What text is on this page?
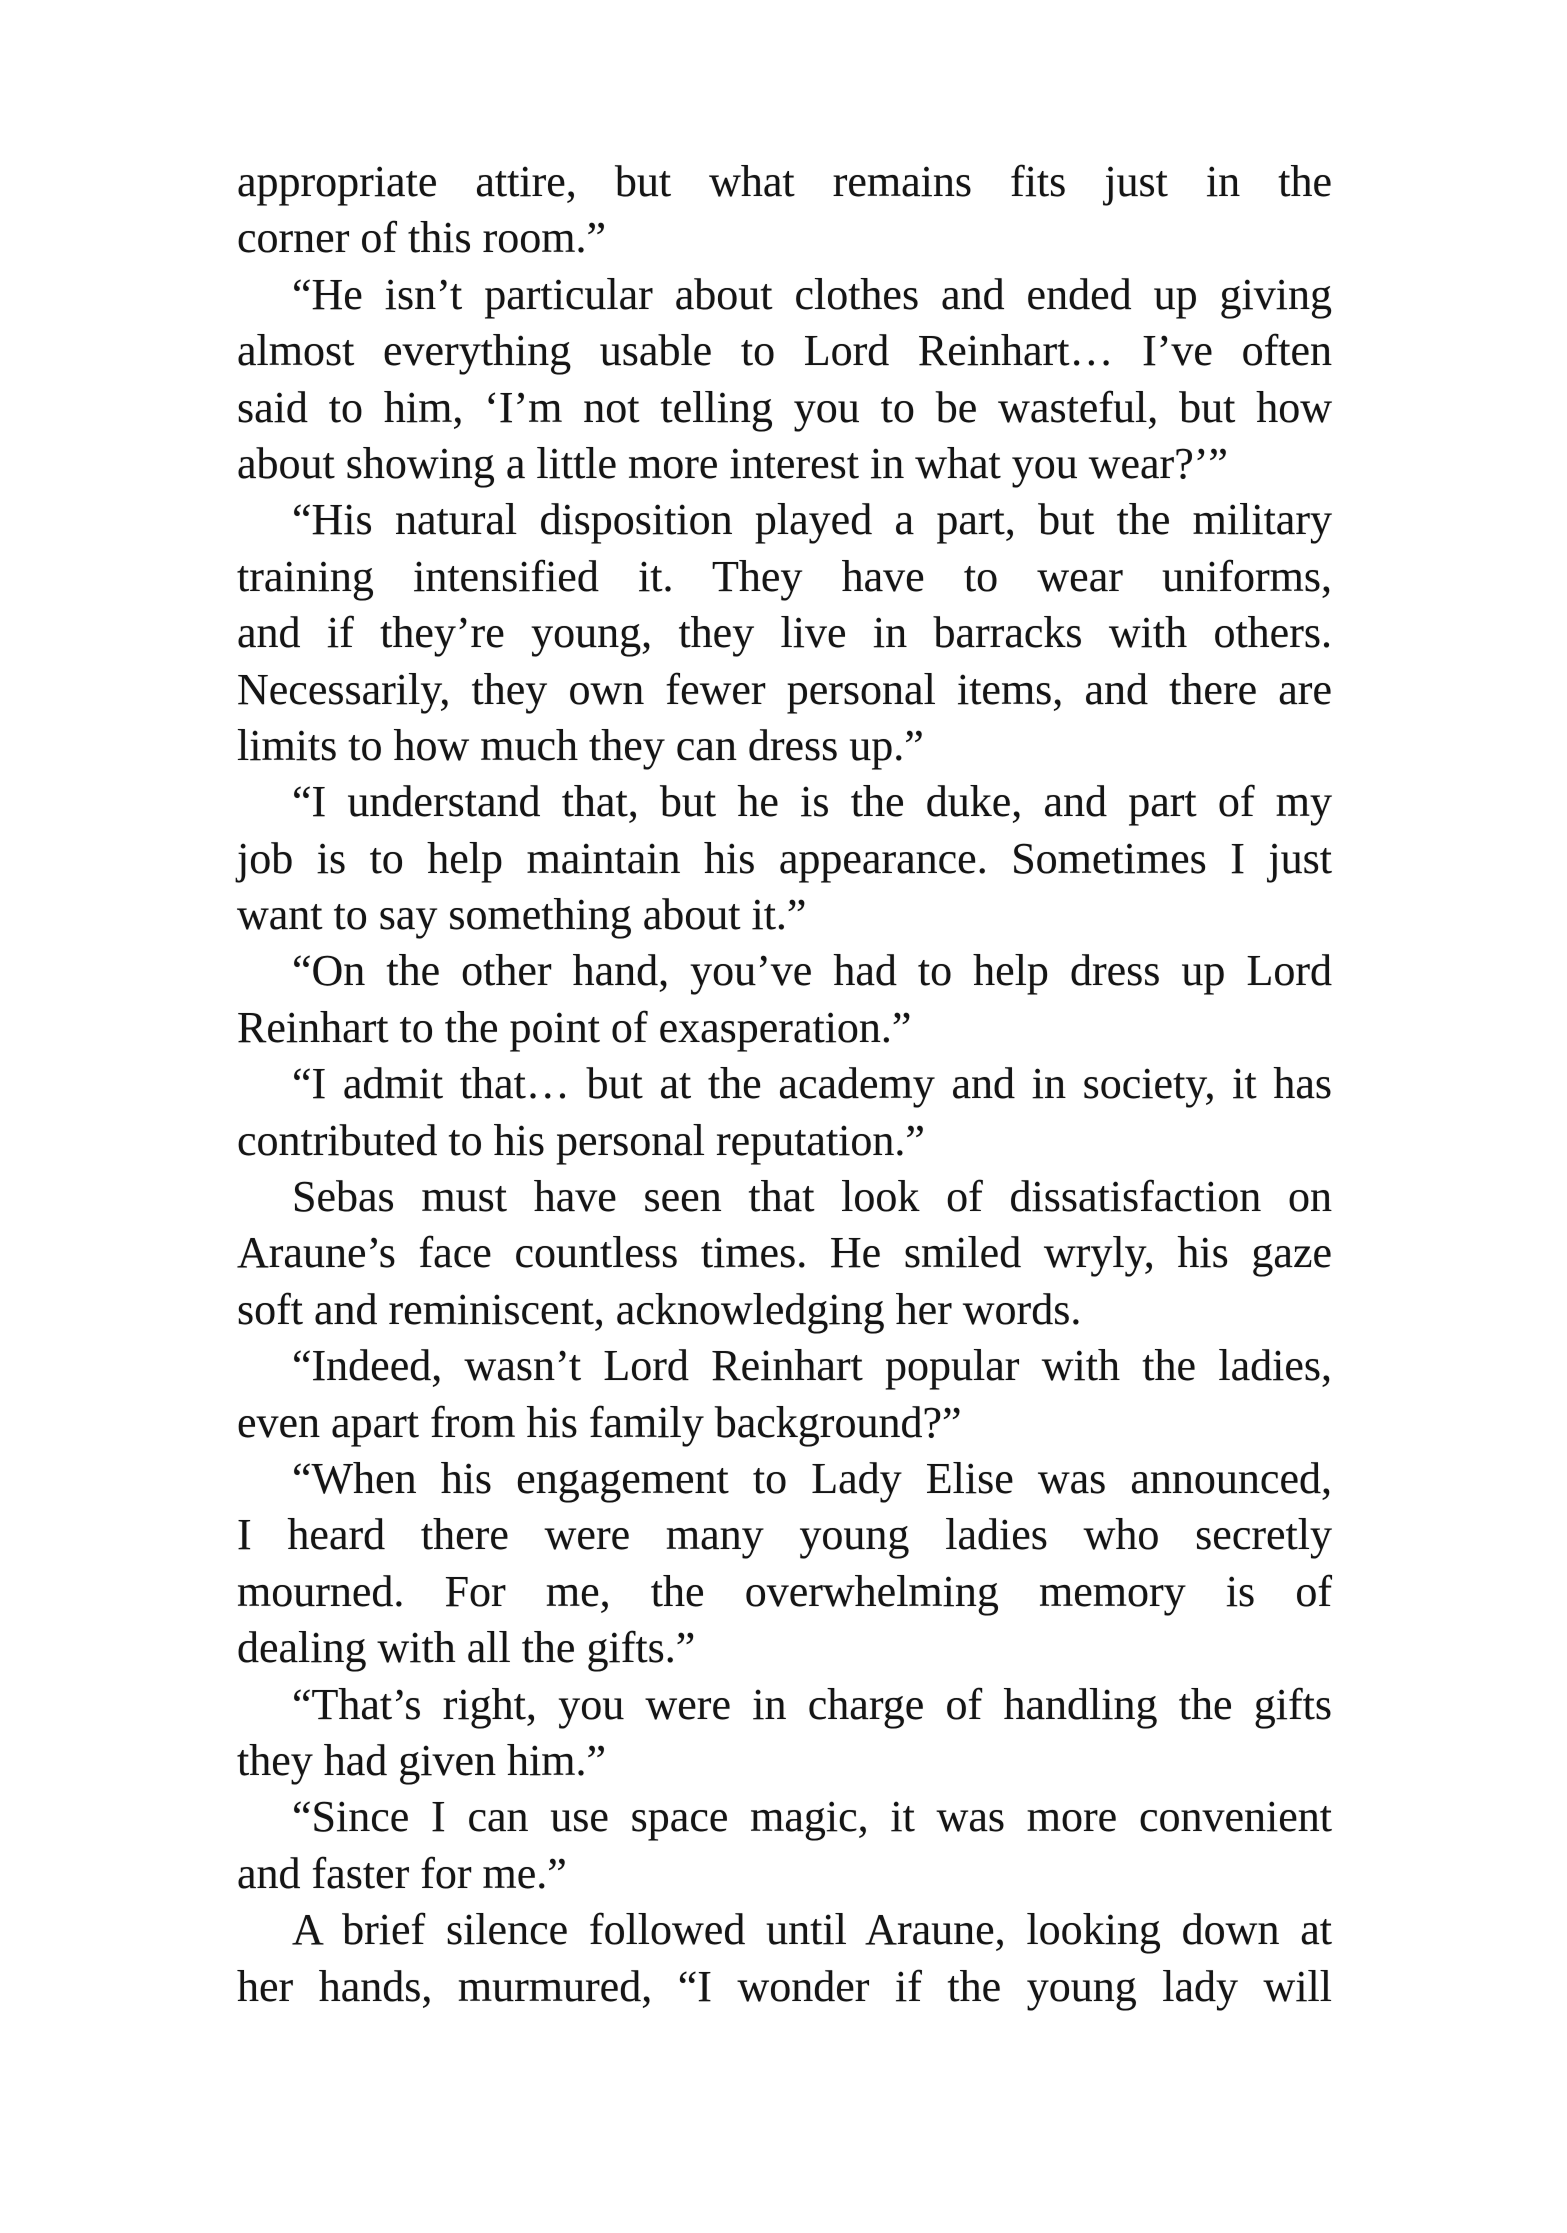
appropriate attire, but what remains fits just in the
corner of this room.”
“He isn’t particular about clothes and ended up giving
almost everything usable to Lord Reinhart… I’ve often
said to him, ‘I’m not telling you to be wasteful, but how
about showing a little more interest in what you wear?’”
“His natural disposition played a part, but the military
training intensified it. They have to wear uniforms,
and if they’re young, they live in barracks with others.
Necessarily, they own fewer personal items, and there are
limits to how much they can dress up.”
“I understand that, but he is the duke, and part of my
job is to help maintain his appearance. Sometimes I just
want to say something about it.”
“On the other hand, you’ve had to help dress up Lord
Reinhart to the point of exasperation.”
“I admit that… but at the academy and in society, it has
contributed to his personal reputation.”
Sebas must have seen that look of dissatisfaction on
Araune’s face countless times. He smiled wryly, his gaze
soft and reminiscent, acknowledging her words.
“Indeed, wasn’t Lord Reinhart popular with the ladies,
even apart from his family background?”
“When his engagement to Lady Elise was announced,
I heard there were many young ladies who secretly
mourned. For me, the overwhelming memory is of
dealing with all the gifts.”
“That’s right, you were in charge of handling the gifts
they had given him.”
“Since I can use space magic, it was more convenient
and faster for me.”
A brief silence followed until Araune, looking down at
her hands, murmured, “I wonder if the young lady will
